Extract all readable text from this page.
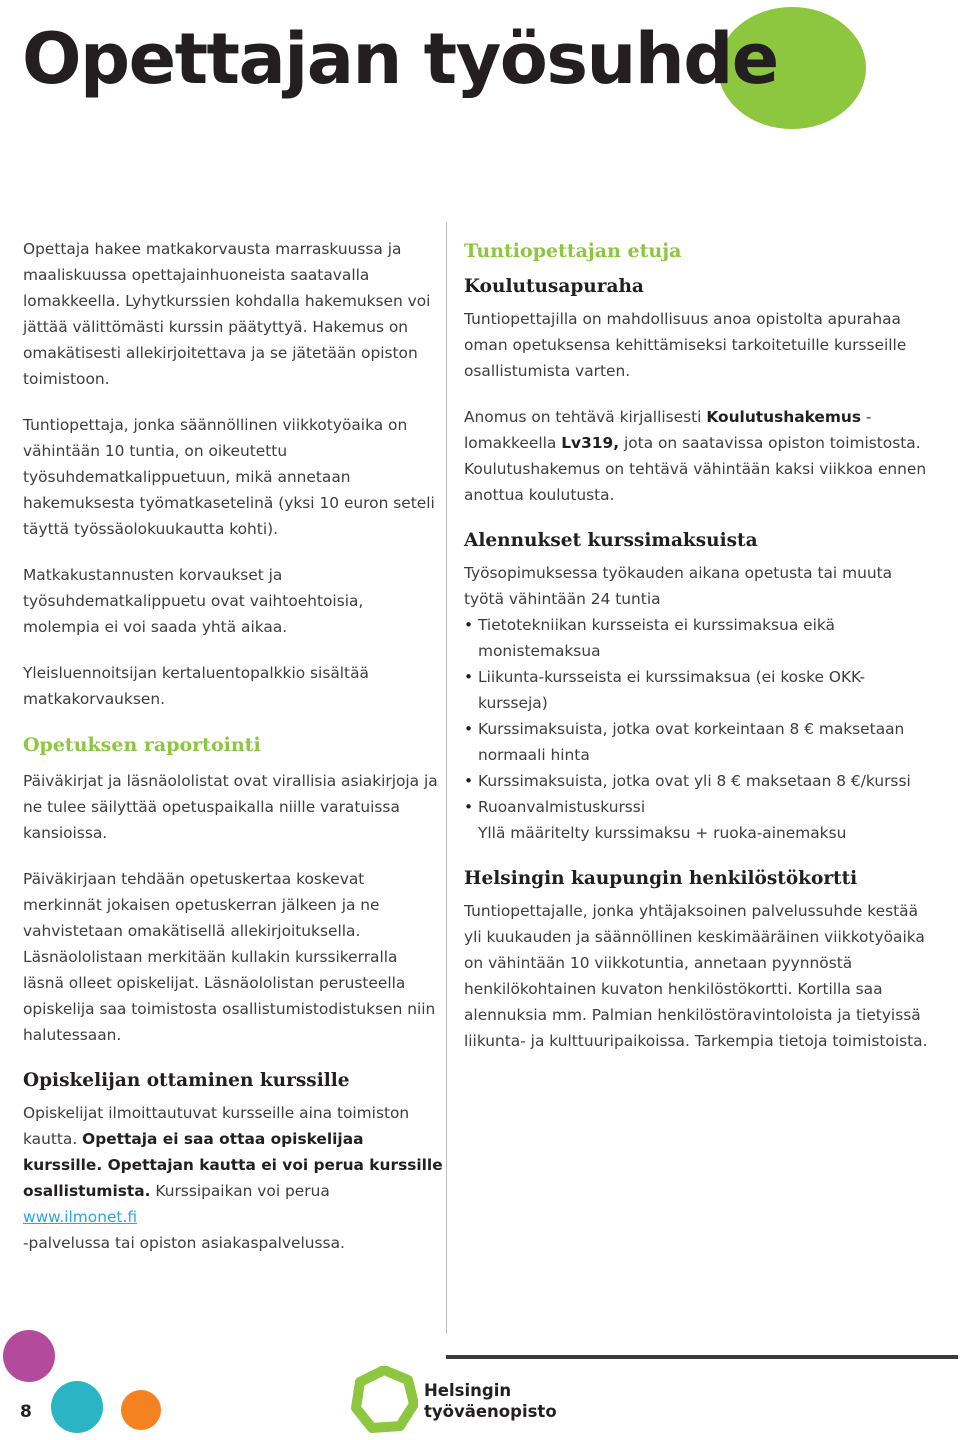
Opettajan työsuhde

Opettaja hakee matkakorvausta marraskuussa ja maaliskuussa opettajainhuoneista saatavalla lomakkeella. Lyhytkurssien kohdalla hakemuksen voi jättää välittömästi kurssin päätyttyä. Hakemus on omakätisesti allekirjoitettava ja se jätetään opiston toimistoon.

Tuntiopettaja, jonka säännöllinen viikkotyöaika on vähintään 10 tuntia, on oikeutettu työsuhdematkalippuetuun, mikä annetaan hakemuksesta työmatkasetelinä (yksi 10 euron seteli täyttä työssäolokuukautta kohti).

Matkakustannusten korvaukset ja työsuhdematkalippuetu ovat vaihtoehtoisia, molempia ei voi saada yhtä aikaa.

Yleisluennoitsijan kertaluentopalkkio sisältää matkakorvauksen.

Opetuksen raportointi

Päiväkirjat ja läsnäololistat ovat virallisia asiakirjoja ja ne tulee säilyttää opetuspaikalla niille varatuissa kansioissa.

Päiväkirjaan tehdään opetuskertaa koskevat merkinnät jokaisen opetuskerran jälkeen ja ne vahvistetaan omakätisellä allekirjoituksella. Läsnäololistaan merkitään kullakin kurssikerralla läsnä olleet opiskelijat. Läsnäololistan perusteella opiskelija saa toimistosta osallistumistodistuksen niin halutessaan.

Opiskelijan ottaminen kurssille

Opiskelijat ilmoittautuvat kursseille aina toimiston kautta. Opettaja ei saa ottaa opiskelijaa kurssille. Opettajan kautta ei voi perua kurssille osallistumista. Kurssipaikan voi perua www.ilmonet.fi
-palvelussa tai opiston asiakaspalvelussa.

Tuntiopettajan etuja
Koulutusapuraha

Tuntiopettajilla on mahdollisuus anoa opistolta apurahaa oman opetuksensa kehittämiseksi tarkoitetuille kursseille osallistumista varten.

Anomus on tehtävä kirjallisesti Koulutushakemus -lomakkeella Lv319, jota on saatavissa opiston toimistosta. Koulutushakemus on tehtävä vähintään kaksi viikkoa ennen anottua koulutusta.

Alennukset kurssimaksuista

Työsopimuksessa työkauden aikana opetusta tai muuta työtä vähintään 24 tuntia

• Tietotekniikan kursseista ei kurssimaksua eikä monistemaksua
• Liikunta-kursseista ei kurssimaksua (ei koske OKK-kursseja)
• Kurssimaksuista, jotka ovat korkeintaan 8 € maksetaan normaali hinta
• Kurssimaksuista, jotka ovat yli 8 € maksetaan 8 €/kurssi
• Ruoanvalmistuskurssi
Yllä määritelty kurssimaksu + ruoka-ainemaksu
Helsingin kaupungin henkilöstökortti

Tuntiopettajalle, jonka yhtäjaksoinen palvelussuhde kestää yli kuukauden ja säännöllinen keskimääräinen viikkotyöaika on vähintään 10 viikkotuntia, annetaan pyynnöstä henkilökohtainen kuvaton henkilöstökortti. Kortilla saa alennuksia mm. Palmian henkilöstöravintoloista ja tietyissä liikunta- ja kulttuuripaikoissa. Tarkempia tietoja toimistoista.

8
Helsingin
työväenopisto
